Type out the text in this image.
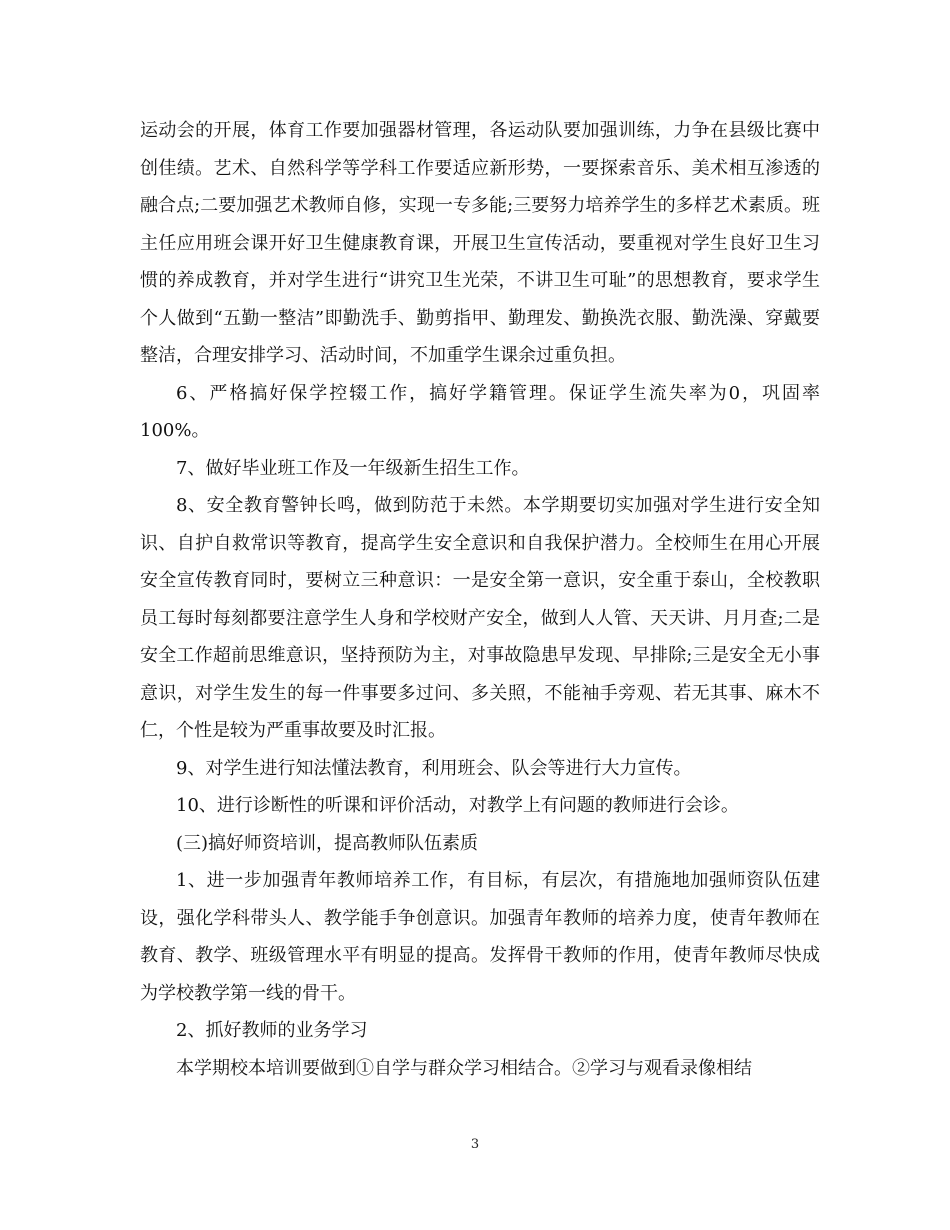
运动会的开展，体育工作要加强器材管理，各运动队要加强训练，力争在县级比赛中创佳绩。艺术、自然科学等学科工作要适应新形势，一要探索音乐、美术相互渗透的融合点;二要加强艺术教师自修，实现一专多能;三要努力培养学生的多样艺术素质。班主任应用班会课开好卫生健康教育课，开展卫生宣传活动，要重视对学生良好卫生习惯的养成教育，并对学生进行“讲究卫生光荣，不讲卫生可耻”的思想教育，要求学生个人做到“五勤一整洁”即勤洗手、勤剪指甲、勤理发、勤换洗衣服、勤洗澡、穿戴要整洁，合理安排学习、活动时间，不加重学生课余过重负担。

6、严格搞好保学控辍工作，搞好学籍管理。保证学生流失率为0，巩固率100%。

7、做好毕业班工作及一年级新生招生工作。

8、安全教育警钟长鸣，做到防范于未然。本学期要切实加强对学生进行安全知识、自护自救常识等教育，提高学生安全意识和自我保护潜力。全校师生在用心开展安全宣传教育同时，要树立三种意识：一是安全第一意识，安全重于泰山，全校教职员工每时每刻都要注意学生人身和学校财产安全，做到人人管、天天讲、月月查;二是安全工作超前思维意识，坚持预防为主，对事故隐患早发现、早排除;三是安全无小事意识，对学生发生的每一件事要多过问、多关照，不能袖手旁观、若无其事、麻木不仁，个性是较为严重事故要及时汇报。

9、对学生进行知法懂法教育，利用班会、队会等进行大力宣传。

10、进行诊断性的听课和评价活动，对教学上有问题的教师进行会诊。

(三)搞好师资培训，提高教师队伍素质

1、进一步加强青年教师培养工作，有目标，有层次，有措施地加强师资队伍建设，强化学科带头人、教学能手争创意识。加强青年教师的培养力度，使青年教师在教育、教学、班级管理水平有明显的提高。发挥骨干教师的作用，使青年教师尽快成为学校教学第一线的骨干。

2、抓好教师的业务学习

本学期校本培训要做到①自学与群众学习相结合。②学习与观看录像相结

3
